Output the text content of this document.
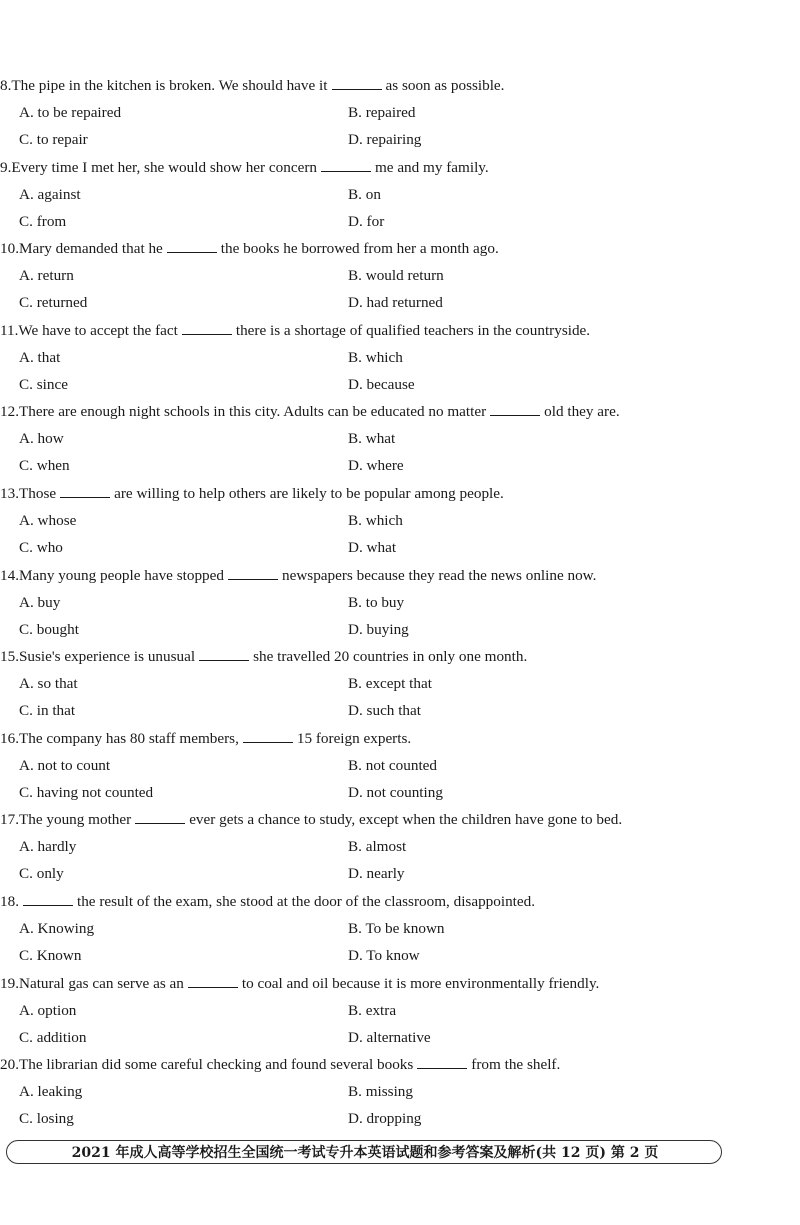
8.The pipe in the kitchen is broken. We should have it	as soon as possible.
A. to be repaired	B. repaired
C. to repair	D. repairing
9.Every time I met her, she would show her concern	me and my family.
A. against	B. on
C. from	D. for
10.Mary demanded that he	the books he borrowed from her a month ago.
A. return	B. would return
C. returned	D. had returned
11.We have to accept the fact	there is a shortage of qualified teachers in the countryside.
A. that	B. which
C. since	D. because
12.There are enough night schools in this city. Adults can be educated no matter	old they are.
A. how	B. what
C. when	D. where
13.Those	are willing to help others are likely to be popular among people.
A. whose	B. which
C. who	D. what
14.Many young people have stopped	newspapers because they read the news online now.
A. buy	B. to buy
C. bought	D. buying
15.Susie's experience is unusual	she travelled 20 countries in only one month.
A. so that	B. except that
C. in that	D. such that
16.The company has 80 staff members,	15 foreign experts.
A. not to count	B. not counted
C. having not counted	D. not counting
17.The young mother	ever gets a chance to study, except when the children have gone to bed.
A. hardly	B. almost
C. only	D. nearly
18.	the result of the exam, she stood at the door of the classroom, disappointed.
A. Knowing	B. To be known
C. Known	D. To know
19.Natural gas can serve as an	to coal and oil because it is more environmentally friendly.
A. option	B. extra
C. addition	D. alternative
20.The librarian did some careful checking and found several books	from the shelf.
A. leaking	B. missing
C. losing	D. dropping
2021 年成人高等学校招生全国统一考试专升本英语试题和参考答案及解析(共 12 页) 第 2 页
